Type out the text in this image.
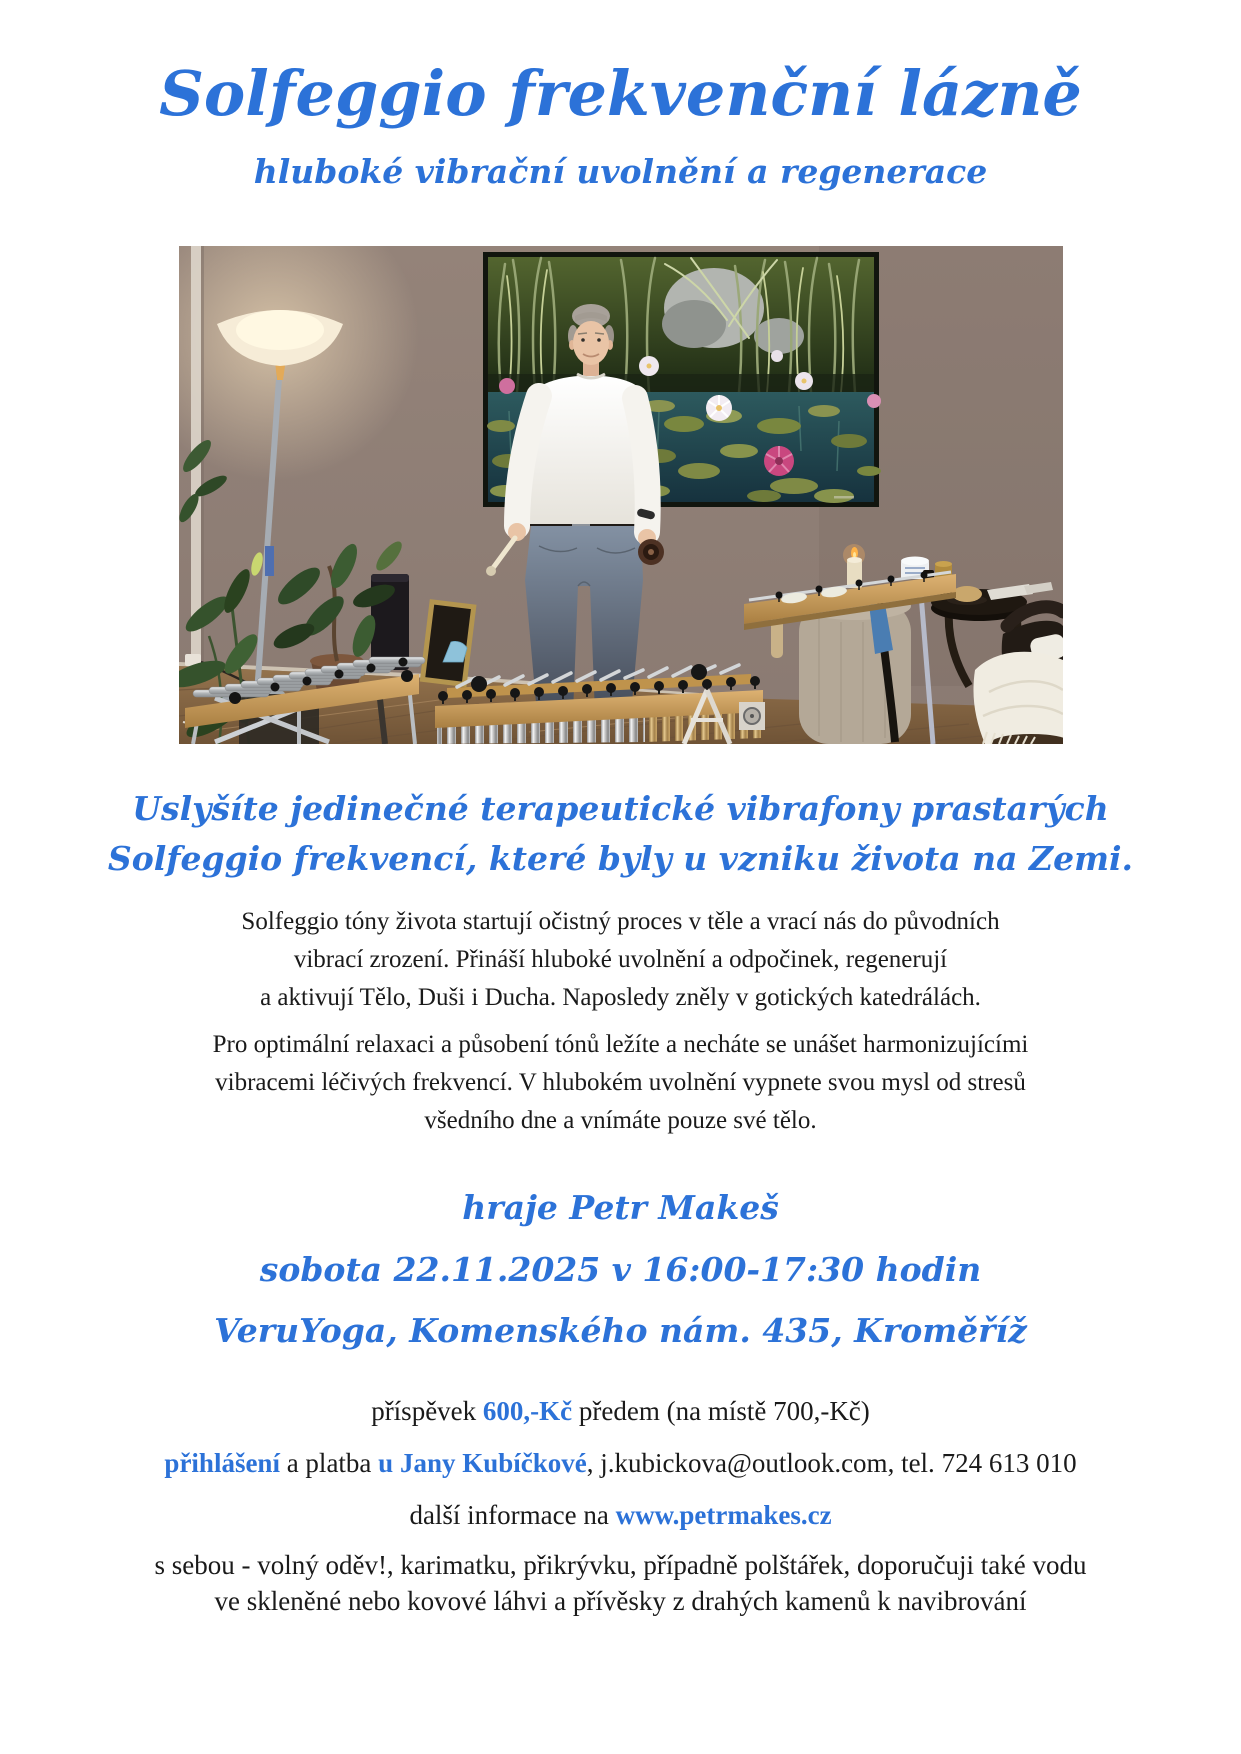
Solfeggio frekvenční lázně
hluboké vibrační uvolnění a regenerace
Uslyšíte jedinečné terapeutické vibrafony prastarých
Solfeggio frekvencí, které byly u vzniku života na Zemi.
Solfeggio tóny života startují očistný proces v těle a vrací nás do původních
vibrací zrození. Přináší hluboké uvolnění a odpočinek, regenerují
a aktivují Tělo, Duši i Ducha. Naposledy zněly v gotických katedrálách.
Pro optimální relaxaci a působení tónů ležíte a necháte se unášet harmonizujícími
vibracemi léčivých frekvencí. V hlubokém uvolnění vypnete svou mysl od stresů
všedního dne a vnímáte pouze své tělo.
hraje Petr Makeš
sobota 22.11.2025 v 16:00-17:30 hodin
VeruYoga, Komenského nám. 435, Kroměříž
příspěvek 600,-Kč předem (na místě 700,-Kč)
přihlášení a platba u Jany Kubíčkové, j.kubickova@outlook.com, tel. 724 613 010
další informace na www.petrmakes.cz
s sebou - volný oděv!, karimatku, přikrývku, případně polštářek, doporučuji také vodu
ve skleněné nebo kovové láhvi a přívěsky z drahých kamenů k navibrování
